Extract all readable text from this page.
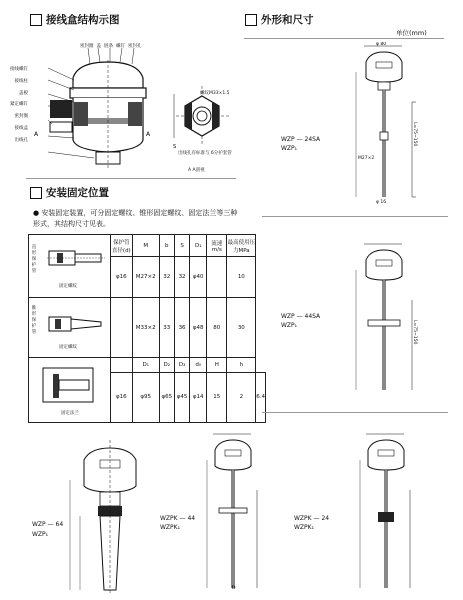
接线盒结构示图	外形和尺寸
单位(mm)
A	A
接线螺钉
接线柱
盖板
紧定螺钉
密封圈
接线盒
出线孔
密封圈 盖 链条 螺钉 密封孔
S
螺纹M33×1.5
出线孔有标准与 6分护套管
A A剖视
安装固定位置
● 安装固定装置，可分固定螺纹、锥形固定螺纹、固定法兰等三种
形式，其结构尺寸见表。
直形保护管
固定螺纹	保护管直径(d)	M	b	S	D₁	流速m/s	最高使用压力MPa	
	φ16	M27×2	32	32	φ40		10	

锥形保护管
固定螺纹		M33×2	33	36	φ48	80	30	

固定法兰		D₁	D₂	D₃	d₀	H	h	
	φ16	φ95	φ65	φ45	φ14	15	2	6.4
φ 80
WZP — 24SA
WZP₁
M27×2
L=75~150
φ 16
WZP — 44SA
WZP₁	L=75~150
WZP — 64
WZP₁
WZPK — 44
WZPK₁
D
WZPK — 24
WZPK₁
